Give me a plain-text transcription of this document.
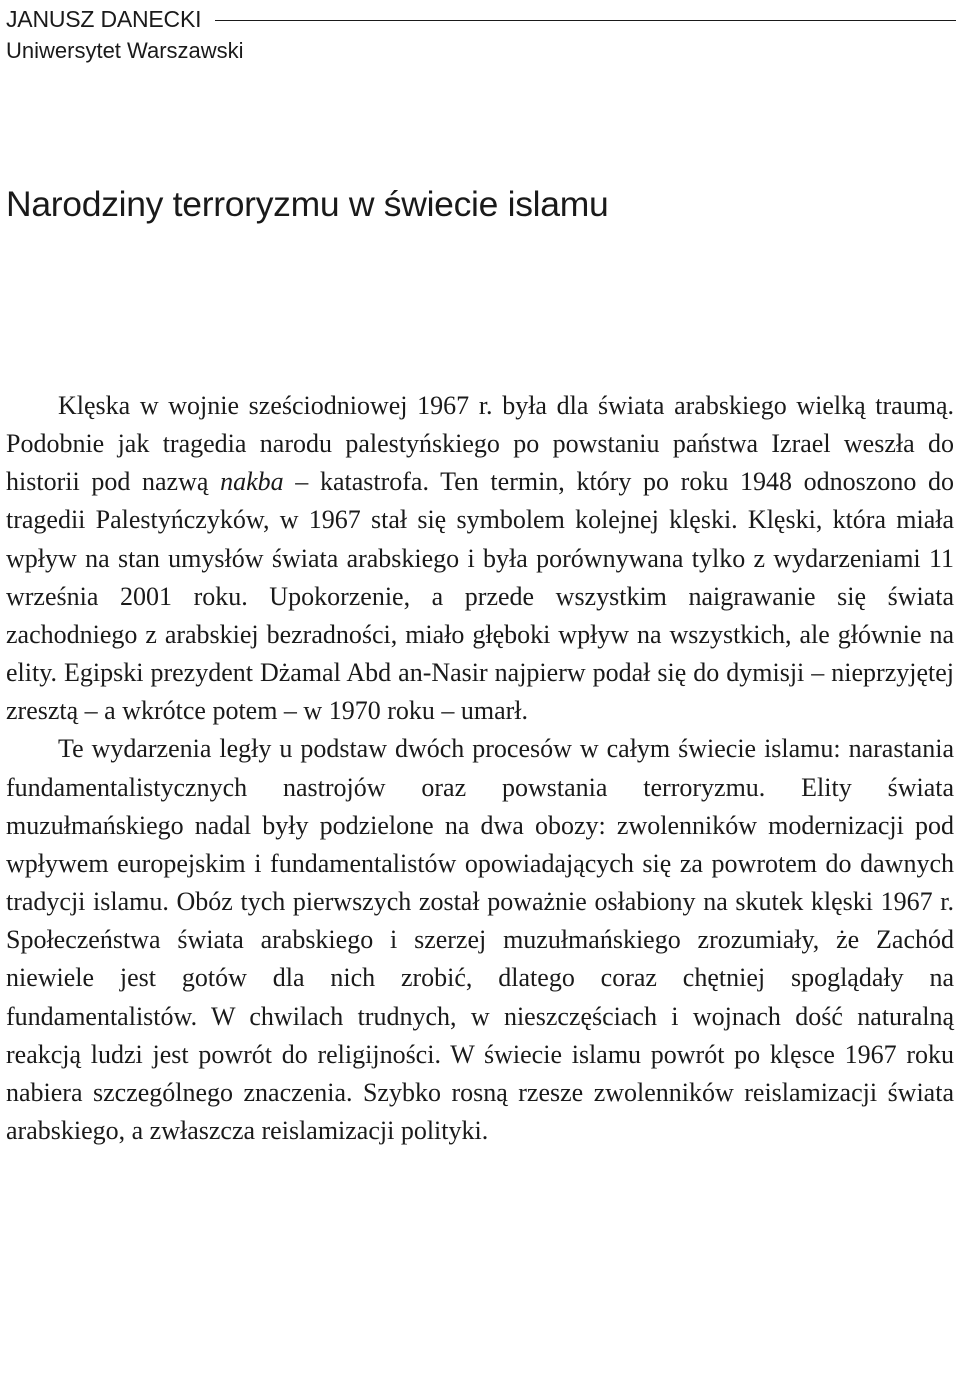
JANUSZ DANECKI
Uniwersytet Warszawski
Narodziny terroryzmu w świecie islamu

Klęska w wojnie sześciodniowej 1967 r. była dla świata arabskiego wielką traumą. Podobnie jak tragedia narodu palestyńskiego po powstaniu państwa Izrael weszła do historii pod nazwą nakba – katastrofa. Ten termin, który po roku 1948 odnoszono do tragedii Palestyńczyków, w 1967 stał się symbolem kolejnej klęski. Klęski, która miała wpływ na stan umysłów świata arabskiego i była porównywana tylko z wydarzeniami 11 września 2001 roku. Upokorzenie, a przede wszystkim naigrawanie się świata zachodniego z arabskiej bezradności, miało głęboki wpływ na wszystkich, ale głównie na elity. Egipski prezydent Dżamal Abd an-Nasir najpierw podał się do dymisji – nieprzyjętej zresztą – a wkrótce potem – w 1970 roku – umarł.

Te wydarzenia legły u podstaw dwóch procesów w całym świecie islamu: narastania fundamentalistycznych nastrojów oraz powstania terroryzmu. Elity świata muzułmańskiego nadal były podzielone na dwa obozy: zwolenników modernizacji pod wpływem europejskim i fundamentalistów opowiadających się za powrotem do dawnych tradycji islamu. Obóz tych pierwszych został poważnie osłabiony na skutek klęski 1967 r. Społeczeństwa świata arabskiego i szerzej muzułmańskiego zrozumiały, że Zachód niewiele jest gotów dla nich zrobić, dlatego coraz chętniej spoglądały na fundamentalistów. W chwilach trudnych, w nieszczęściach i wojnach dość naturalną reakcją ludzi jest powrót do religijności. W świecie islamu powrót po klęsce 1967 roku nabiera szczególnego znaczenia. Szybko rosną rzesze zwolenników reislamizacji świata arabskiego, a zwłaszcza reislamizacji polityki.
